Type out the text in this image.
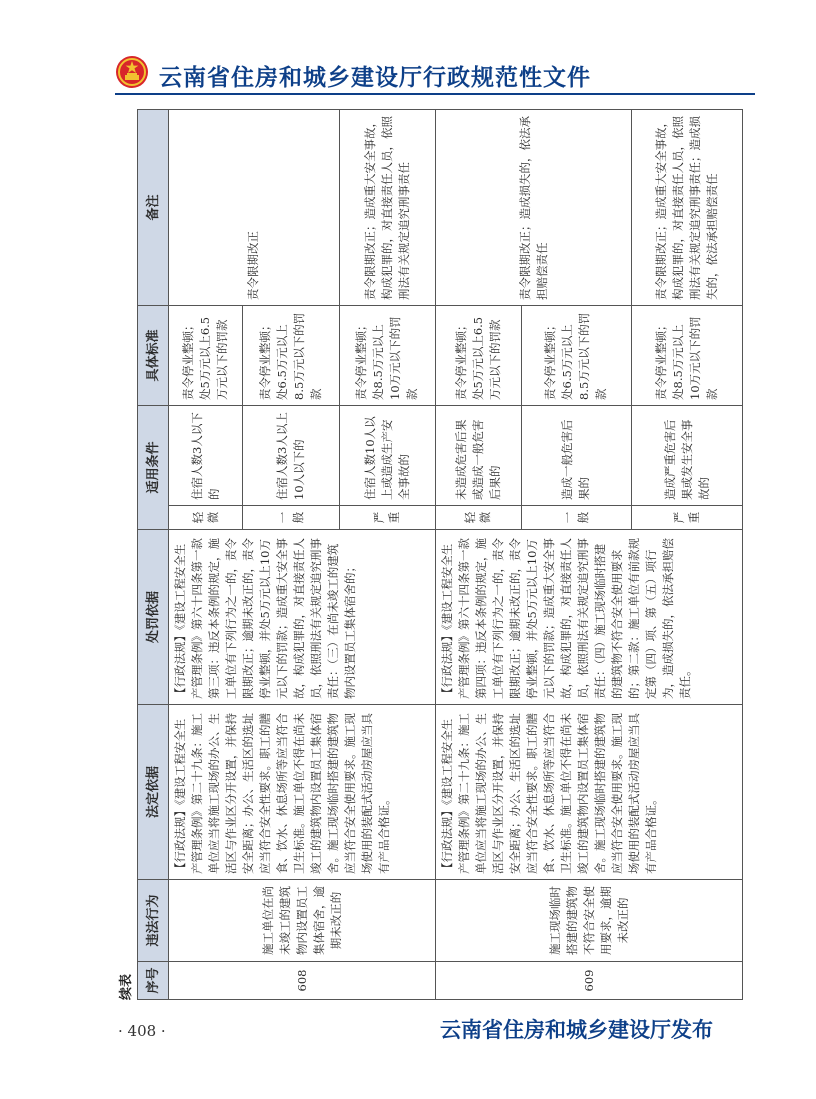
云南省住房和城乡建设厅行政规范性文件
续表 序号	违法行为	法定依据	处罚依据	适用条件		具体标准	备注
608	施工单位在尚未竣工的建筑物内设置员工集体宿舍，逾期未改正的	【行政法规】《建设工程安全生产管理条例》第二十九条：施工单位应当将施工现场的办公、生活区与作业区分开设置，并保持安全距离；办公、生活区的选址应当符合安全性要求。职工的膳食、饮水、休息场所等应当符合卫生标准。施工单位不得在尚未竣工的建筑物内设置员工集体宿舍。施工现场临时搭建的建筑物应当符合安全使用要求。施工现场使用的装配式活动房屋应当具有产品合格证。	【行政法规】《建设工程安全生产管理条例》第六十四条第一款第三项：违反本条例的规定，施工单位有下列行为之一的，责令限期改正；逾期未改正的，责令停业整顿，并处5万元以上10万元以下的罚款；造成重大安全事故，构成犯罪的，对直接责任人员，依照刑法有关规定追究刑事责任：（三）在尚未竣工的建筑物内设置员工集体宿舍的；	轻微	住宿人数3人以下的	责令停业整顿；处5万元以上6.5万元以下的罚款	责令限期改正
				一般	住宿人数3人以上10人以下的	责令停业整顿；处6.5万元以上8.5万元以下的罚款	
				严重	住宿人数10人以上或造成生产安全事故的	责令停业整顿；处8.5万元以上10万元以下的罚款	责令限期改正；造成重大安全事故，构成犯罪的，对直接责任人员，依照刑法有关规定追究刑事责任
609	施工现场临时搭建的建筑物不符合安全使用要求，逾期未改正的	【行政法规】《建设工程安全生产管理条例》第二十九条：施工单位应当将施工现场的办公、生活区与作业区分开设置，并保持安全距离；办公、生活区的选址应当符合安全性要求。职工的膳食、饮水、休息场所等应当符合卫生标准。施工单位不得在尚未竣工的建筑物内设置员工集体宿舍。施工现场临时搭建的建筑物应当符合安全使用要求。施工现场使用的装配式活动房屋应当具有产品合格证。	【行政法规】《建设工程安全生产管理条例》第六十四条第一款第四项：违反本条例的规定，施工单位有下列行为之一的，责令限期改正；逾期未改正的，责令停业整顿，并处5万元以上10万元以下的罚款；造成重大安全事故，构成犯罪的，对直接责任人员，依照刑法有关规定追究刑事责任：（四）施工现场临时搭建的建筑物不符合安全使用要求的；第二款：施工单位有前款规定第（四）项、第（五）项行为，造成损失的，依法承担赔偿责任。	轻微	未造成危害后果或造成一般危害后果的	责令停业整顿；处5万元以上6.5万元以下的罚款	责令限期改正；造成损失的，依法承担赔偿责任
				一般	造成一般危害后果的	责令停业整顿；处6.5万元以上8.5万元以下的罚款	
				严重	造成严重危害后果或发生安全事故的	责令停业整顿；处8.5万元以上10万元以下的罚款	责令限期改正；造成重大安全事故，构成犯罪的，对直接责任人员，依照刑法有关规定追究刑事责任；造成损失的，依法承担赔偿责任
· 408 ·	云南省住房和城乡建设厅发布
